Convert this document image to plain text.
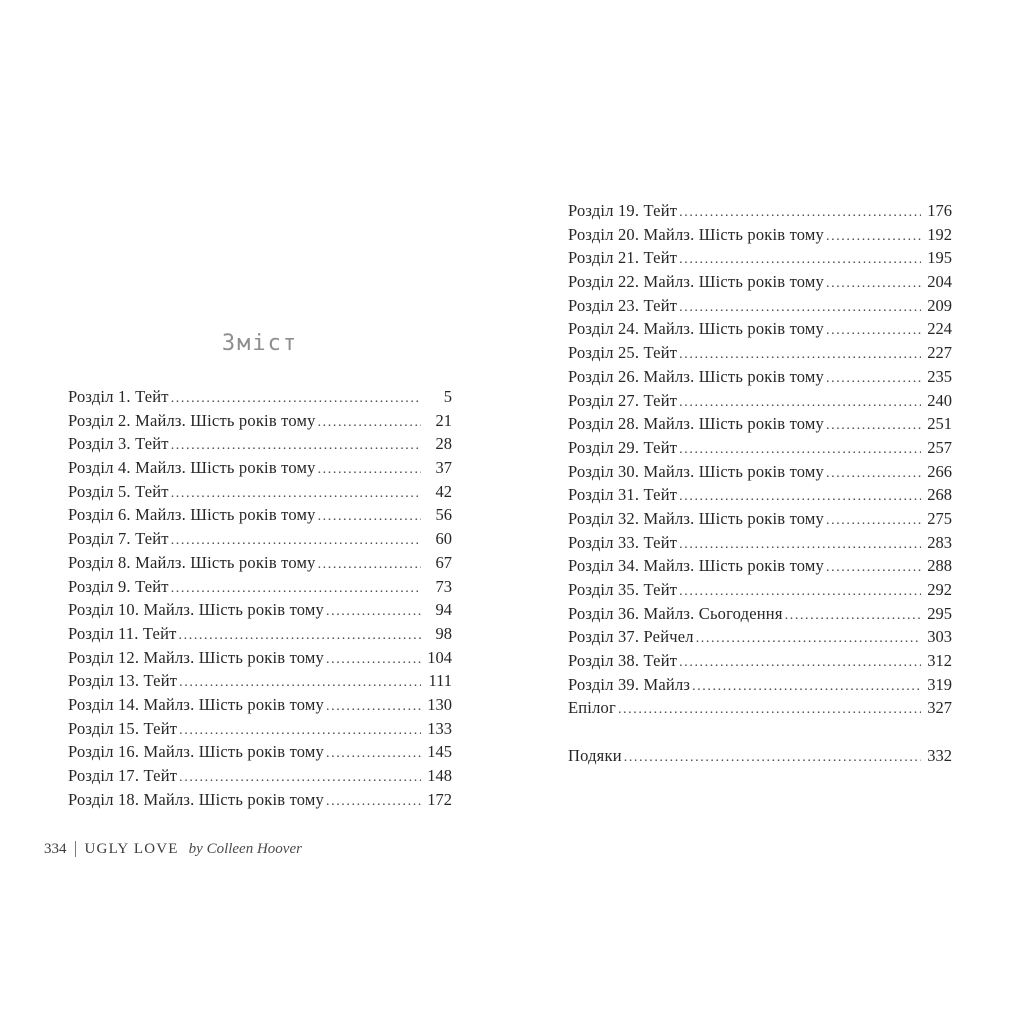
Зміст
Розділ 1. Тейт .....	5
Розділ 2. Майлз. Шість років тому .....	21
Розділ 3. Тейт .....	28
Розділ 4. Майлз. Шість років тому .....	37
Розділ 5. Тейт .....	42
Розділ 6. Майлз. Шість років тому .....	56
Розділ 7. Тейт .....	60
Розділ 8. Майлз. Шість років тому .....	67
Розділ 9. Тейт .....	73
Розділ 10. Майлз. Шість років тому .....	94
Розділ 11. Тейт .....	98
Розділ 12. Майлз. Шість років тому .....	104
Розділ 13. Тейт .....	111
Розділ 14. Майлз. Шість років тому .....	130
Розділ 15. Тейт .....	133
Розділ 16. Майлз. Шість років тому .....	145
Розділ 17. Тейт .....	148
Розділ 18. Майлз. Шість років тому .....	172
Розділ 19. Тейт .....	176
Розділ 20. Майлз. Шість років тому .....	192
Розділ 21. Тейт .....	195
Розділ 22. Майлз. Шість років тому .....	204
Розділ 23. Тейт .....	209
Розділ 24. Майлз. Шість років тому .....	224
Розділ 25. Тейт .....	227
Розділ 26. Майлз. Шість років тому .....	235
Розділ 27. Тейт .....	240
Розділ 28. Майлз. Шість років тому .....	251
Розділ 29. Тейт .....	257
Розділ 30. Майлз. Шість років тому .....	266
Розділ 31. Тейт .....	268
Розділ 32. Майлз. Шість років тому .....	275
Розділ 33. Тейт .....	283
Розділ 34. Майлз. Шість років тому .....	288
Розділ 35. Тейт .....	292
Розділ 36. Майлз. Сьогодення .....	295
Розділ 37. Рейчел .....	303
Розділ 38. Тейт .....	312
Розділ 39. Майлз .....	319
Епілог .....	327
Подяки .....	332
334 UGLY LOVE by Colleen Hoover
